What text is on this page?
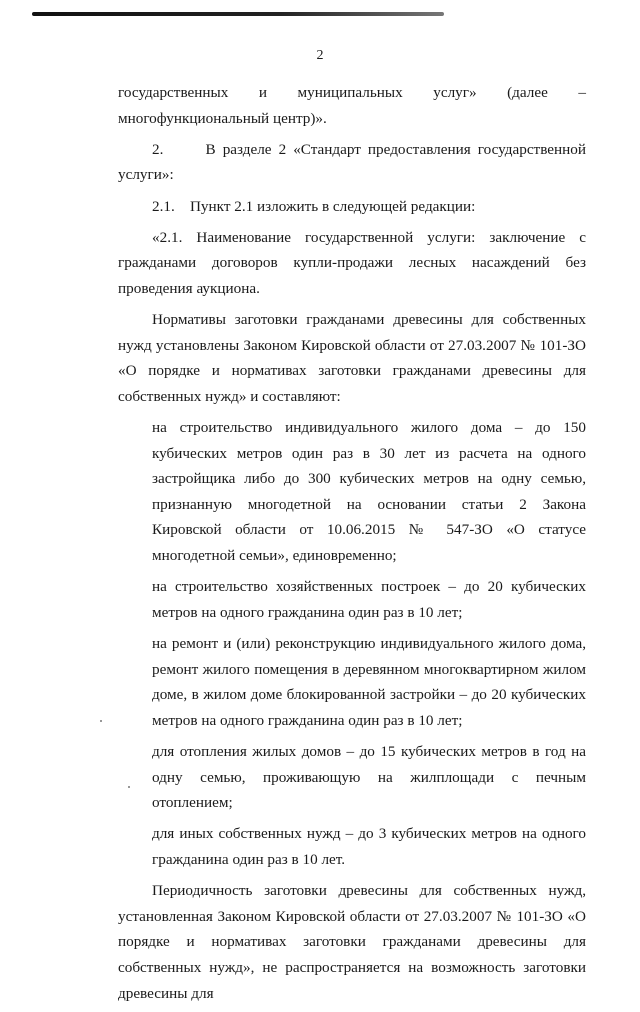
2

государственных и муниципальных услуг» (далее – многофункциональный центр)».

2.      В разделе 2 «Стандарт предоставления государственной услуги»:

2.1.    Пункт 2.1 изложить в следующей редакции:

«2.1. Наименование государственной услуги: заключение с гражданами договоров купли-продажи лесных насаждений без проведения аукциона.

Нормативы заготовки гражданами древесины для собственных нужд установлены Законом Кировской области от 27.03.2007 № 101-ЗО «О порядке и нормативах заготовки гражданами древесины для собственных нужд» и составляют:

на строительство индивидуального жилого дома – до 150 кубических метров один раз в 30 лет из расчета на одного застройщика либо до 300 кубических метров на одну семью, признанную многодетной на основании статьи 2 Закона Кировской области от 10.06.2015 № 547-ЗО «О статусе многодетной семьи», единовременно;

на строительство хозяйственных построек – до 20 кубических метров на одного гражданина один раз в 10 лет;

на ремонт и (или) реконструкцию индивидуального жилого дома, ремонт жилого помещения в деревянном многоквартирном жилом доме, в жилом доме блокированной застройки – до 20 кубических метров на одного гражданина один раз в 10 лет;

для отопления жилых домов – до 15 кубических метров в год на одну семью, проживающую на жилплощади с печным отоплением;

для иных собственных нужд – до 3 кубических метров на одного гражданина один раз в 10 лет.

Периодичность заготовки древесины для собственных нужд, установленная Законом Кировской области от 27.03.2007 № 101-ЗО «О порядке и нормативах заготовки гражданами древесины для собственных нужд», не распространяется на возможность заготовки древесины для
